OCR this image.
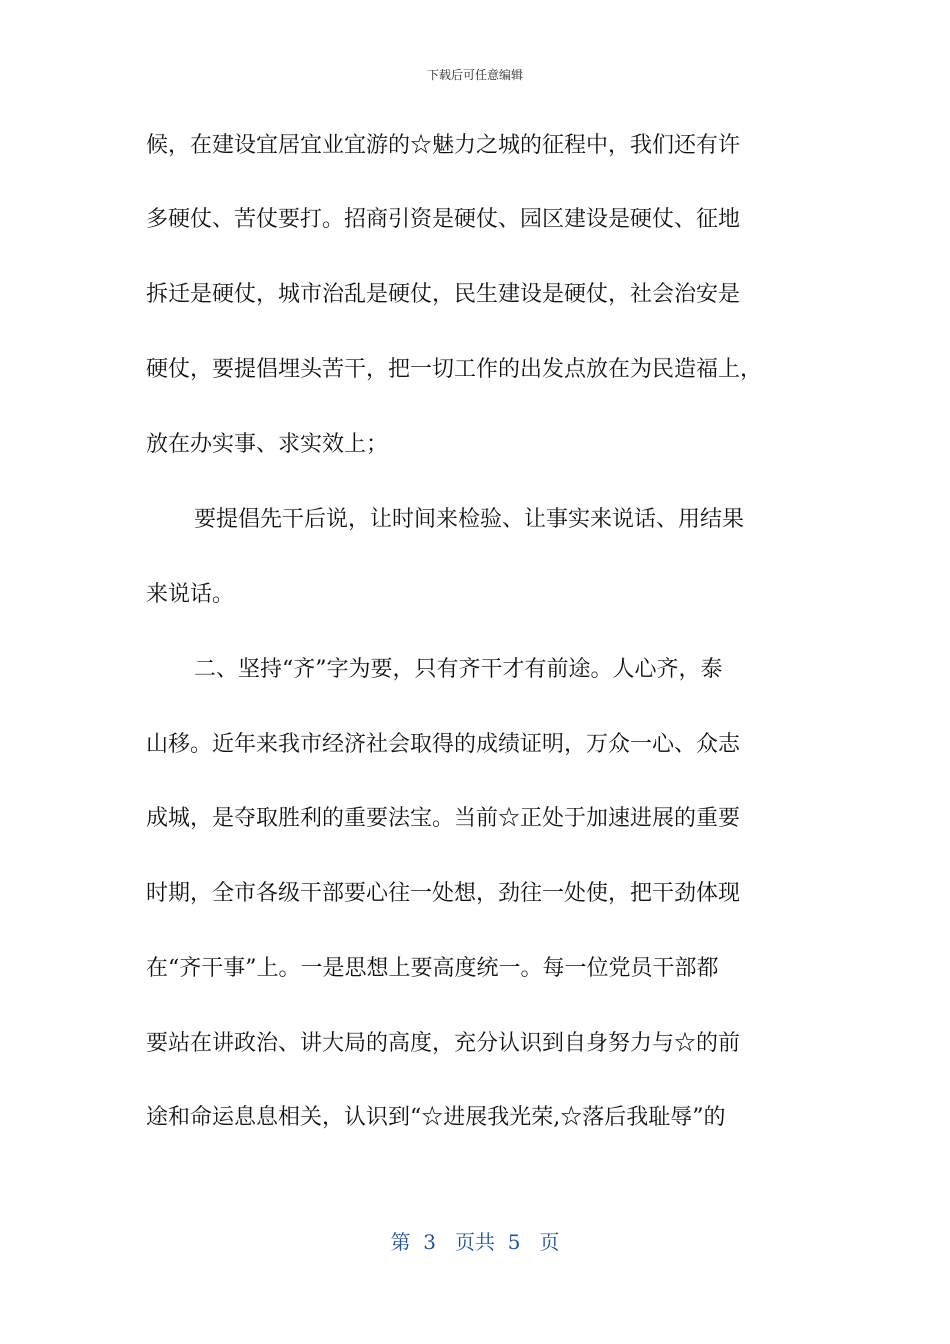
下载后可任意编辑
候，在建设宜居宜业宜游的☆魅力之城的征程中，我们还有许
多硬仗、苦仗要打。招商引资是硬仗、园区建设是硬仗、征地
拆迁是硬仗，城市治乱是硬仗，民生建设是硬仗，社会治安是
硬仗，要提倡埋头苦干，把一切工作的出发点放在为民造福上，
放在办实事、求实效上；
要提倡先干后说，让时间来检验、让事实来说话、用结果
来说话。
二、坚持“齐”字为要，只有齐干才有前途。人心齐，泰
山移。近年来我市经济社会取得的成绩证明，万众一心、众志
成城，是夺取胜利的重要法宝。当前☆正处于加速进展的重要
时期，全市各级干部要心往一处想，劲往一处使，把干劲体现
在“齐干事”上。一是思想上要高度统一。每一位党员干部都
要站在讲政治、讲大局的高度，充分认识到自身努力与☆的前
途和命运息息相关，认识到“☆进展我光荣,☆落后我耻辱”的
第  3   页共  5   页
